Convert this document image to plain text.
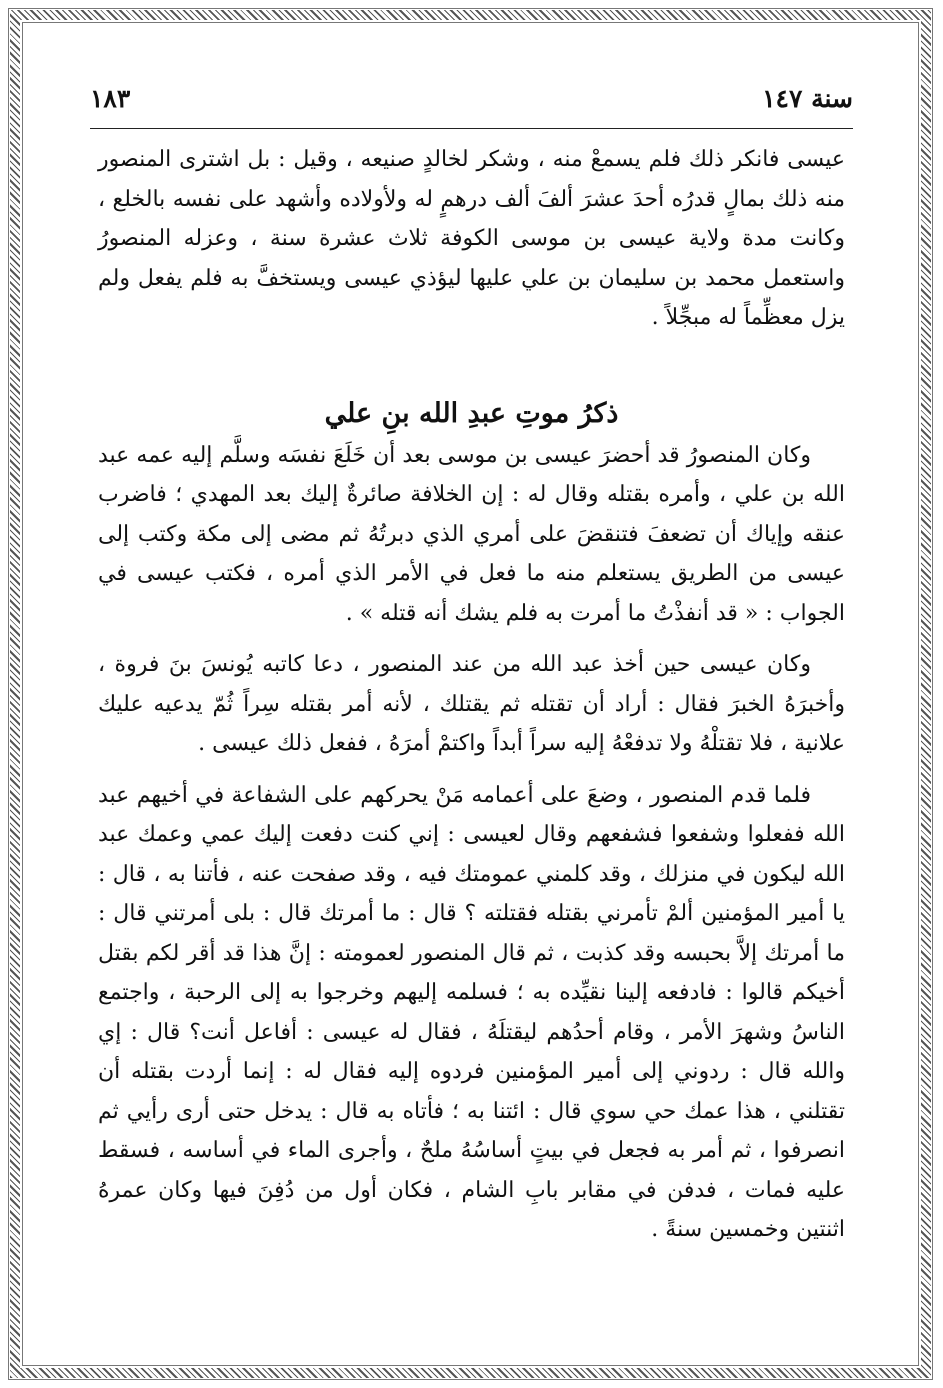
سنة ١٤٧
١٨٣

عيسى فانكر ذلك فلم يسمعْ منه ، وشكر لخالدٍ صنيعه ، وقيل : بل اشترى المنصور منه ذلك بمالٍ قدرُه أحدَ عشرَ ألفَ ألف درهمٍ له ولأولاده وأشهد على نفسه بالخلع ، وكانت مدة ولاية عيسى بن موسى الكوفة ثلاث عشرة سنة ، وعزله المنصورُ واستعمل محمد بن سليمان بن علي عليها ليؤذي عيسى ويستخفَّ به فلم يفعل ولم يزل معظِّماً له مبجِّلاً .

ذكرُ موتِ عبدِ الله بنِ علي

وكان المنصورُ قد أحضرَ عيسى بن موسى بعد أن خَلَعَ نفسَه وسلَّم إليه عمه عبد الله بن علي ، وأمره بقتله وقال له : إن الخلافة صائرةٌ إليك بعد المهدي ؛ فاضرب عنقه وإياك أن تضعفَ فتنقضَ على أمري الذي دبرتُهُ ثم مضى إلى مكة وكتب إلى عيسى من الطريق يستعلم منه ما فعل في الأمر الذي أمره ، فكتب عيسى في الجواب : « قد أنفذْتُ ما أمرت به فلم يشك أنه قتله » .

وكان عيسى حين أخذ عبد الله من عند المنصور ، دعا كاتبه يُونسَ بنَ فروة ، وأخبرَهُ الخبرَ فقال : أراد أن تقتله ثم يقتلك ، لأنه أمر بقتله سِراً ثُمّ يدعيه عليك علانية ، فلا تقتلْهُ ولا تدفعْهُ إليه سراً أبداً واكتمْ أمرَهُ ، ففعل ذلك عيسى .

فلما قدم المنصور ، وضعَ على أعمامه مَنْ يحركهم على الشفاعة في أخيهم عبد الله ففعلوا وشفعوا فشفعهم وقال لعيسى : إني كنت دفعت إليك عمي وعمك عبد الله ليكون في منزلك ، وقد كلمني عمومتك فيه ، وقد صفحت عنه ، فأتنا به ، قال : يا أمير المؤمنين ألمْ تأمرني بقتله فقتلته ؟ قال : ما أمرتك قال : بلى أمرتني قال : ما أمرتك إلاَّ بحبسه وقد كذبت ، ثم قال المنصور لعمومته : إنَّ هذا قد أقر لكم بقتل أخيكم قالوا : فادفعه إلينا نقيِّده به ؛ فسلمه إليهم وخرجوا به إلى الرحبة ، واجتمع الناسُ وشهرَ الأمر ، وقام أحدُهم ليقتلَهُ ، فقال له عيسى : أفاعل أنت؟ قال : إي والله قال : ردوني إلى أمير المؤمنين فردوه إليه فقال له : إنما أردت بقتله أن تقتلني ، هذا عمك حي سوي قال : ائتنا به ؛ فأتاه به قال : يدخل حتى أرى رأيي ثم انصرفوا ، ثم أمر به فجعل في بيتٍ أساسُهُ ملحٌ ، وأجرى الماء في أساسه ، فسقط عليه فمات ، فدفن في مقابر بابِ الشام ، فكان أول من دُفِنَ فيها وكان عمرهُ اثنتين وخمسين سنةً .
